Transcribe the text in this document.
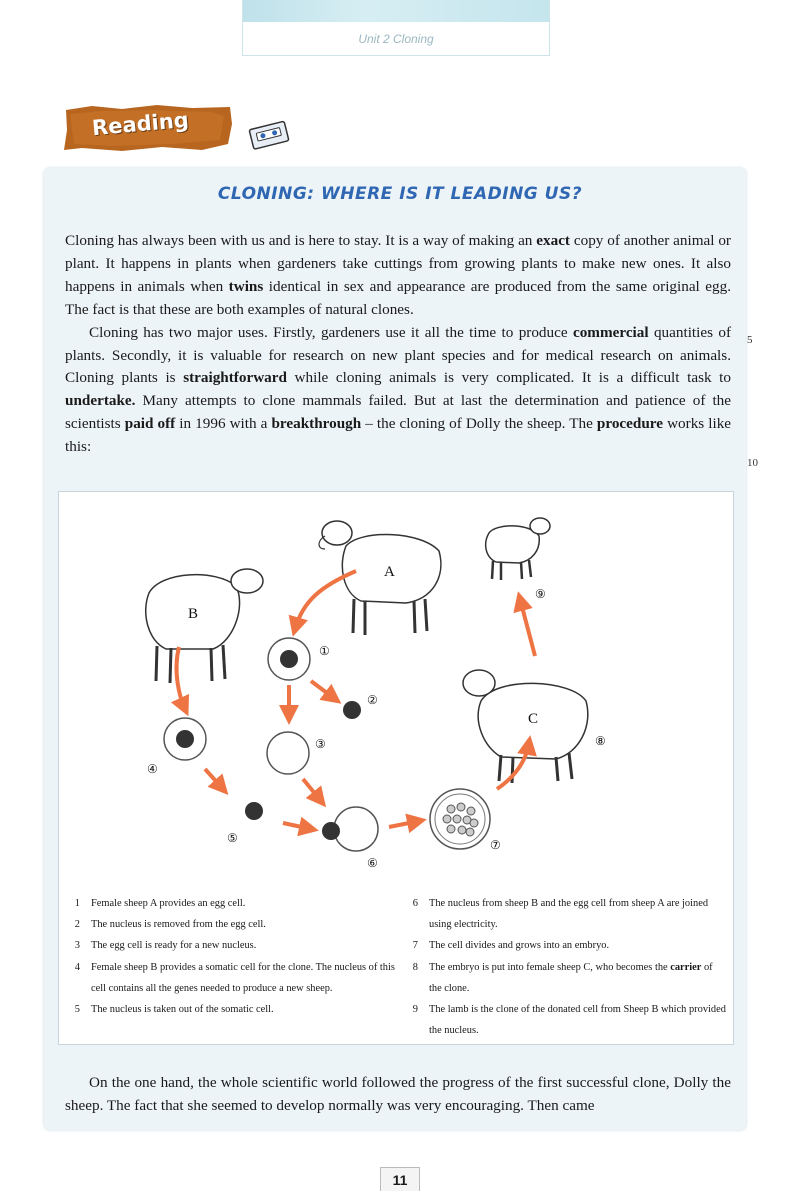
Unit 2 Cloning
Reading
CLONING: WHERE IS IT LEADING US?

Cloning has always been with us and is here to stay. It is a way of making an exact copy of another animal or plant. It happens in plants when gardeners take cuttings from growing plants to make new ones. It also happens in animals when twins identical in sex and appearance are produced from the same original egg. The fact is that these are both examples of natural clones.

Cloning has two major uses. Firstly, gardeners use it all the time to produce commercial quantities of plants. Secondly, it is valuable for research on new plant species and for medical research on animals. Cloning plants is straightforward while cloning animals is very complicated. It is a difficult task to undertake. Many attempts to clone mammals failed. But at last the determination and patience of the scientists paid off in 1996 with a breakthrough – the cloning of Dolly the sheep. The procedure works like this:

5
10
A
B
C
①
②
③
④
⑤
⑥
⑦
⑧
⑨
1 Female sheep A provides an egg cell.
2 The nucleus is removed from the egg cell.
3 The egg cell is ready for a new nucleus.
4 Female sheep B provides a somatic cell for the clone. The nucleus of this cell contains all the genes needed to produce a new sheep.
5 The nucleus is taken out of the somatic cell.
6 The nucleus from sheep B and the egg cell from sheep A are joined using electricity.
7 The cell divides and grows into an embryo.
8 The embryo is put into female sheep C, who becomes the carrier of the clone.
9 The lamb is the clone of the donated cell from Sheep B which provided the nucleus.

On the one hand, the whole scientific world followed the progress of the first successful clone, Dolly the sheep. The fact that she seemed to develop normally was very encouraging. Then came

11
